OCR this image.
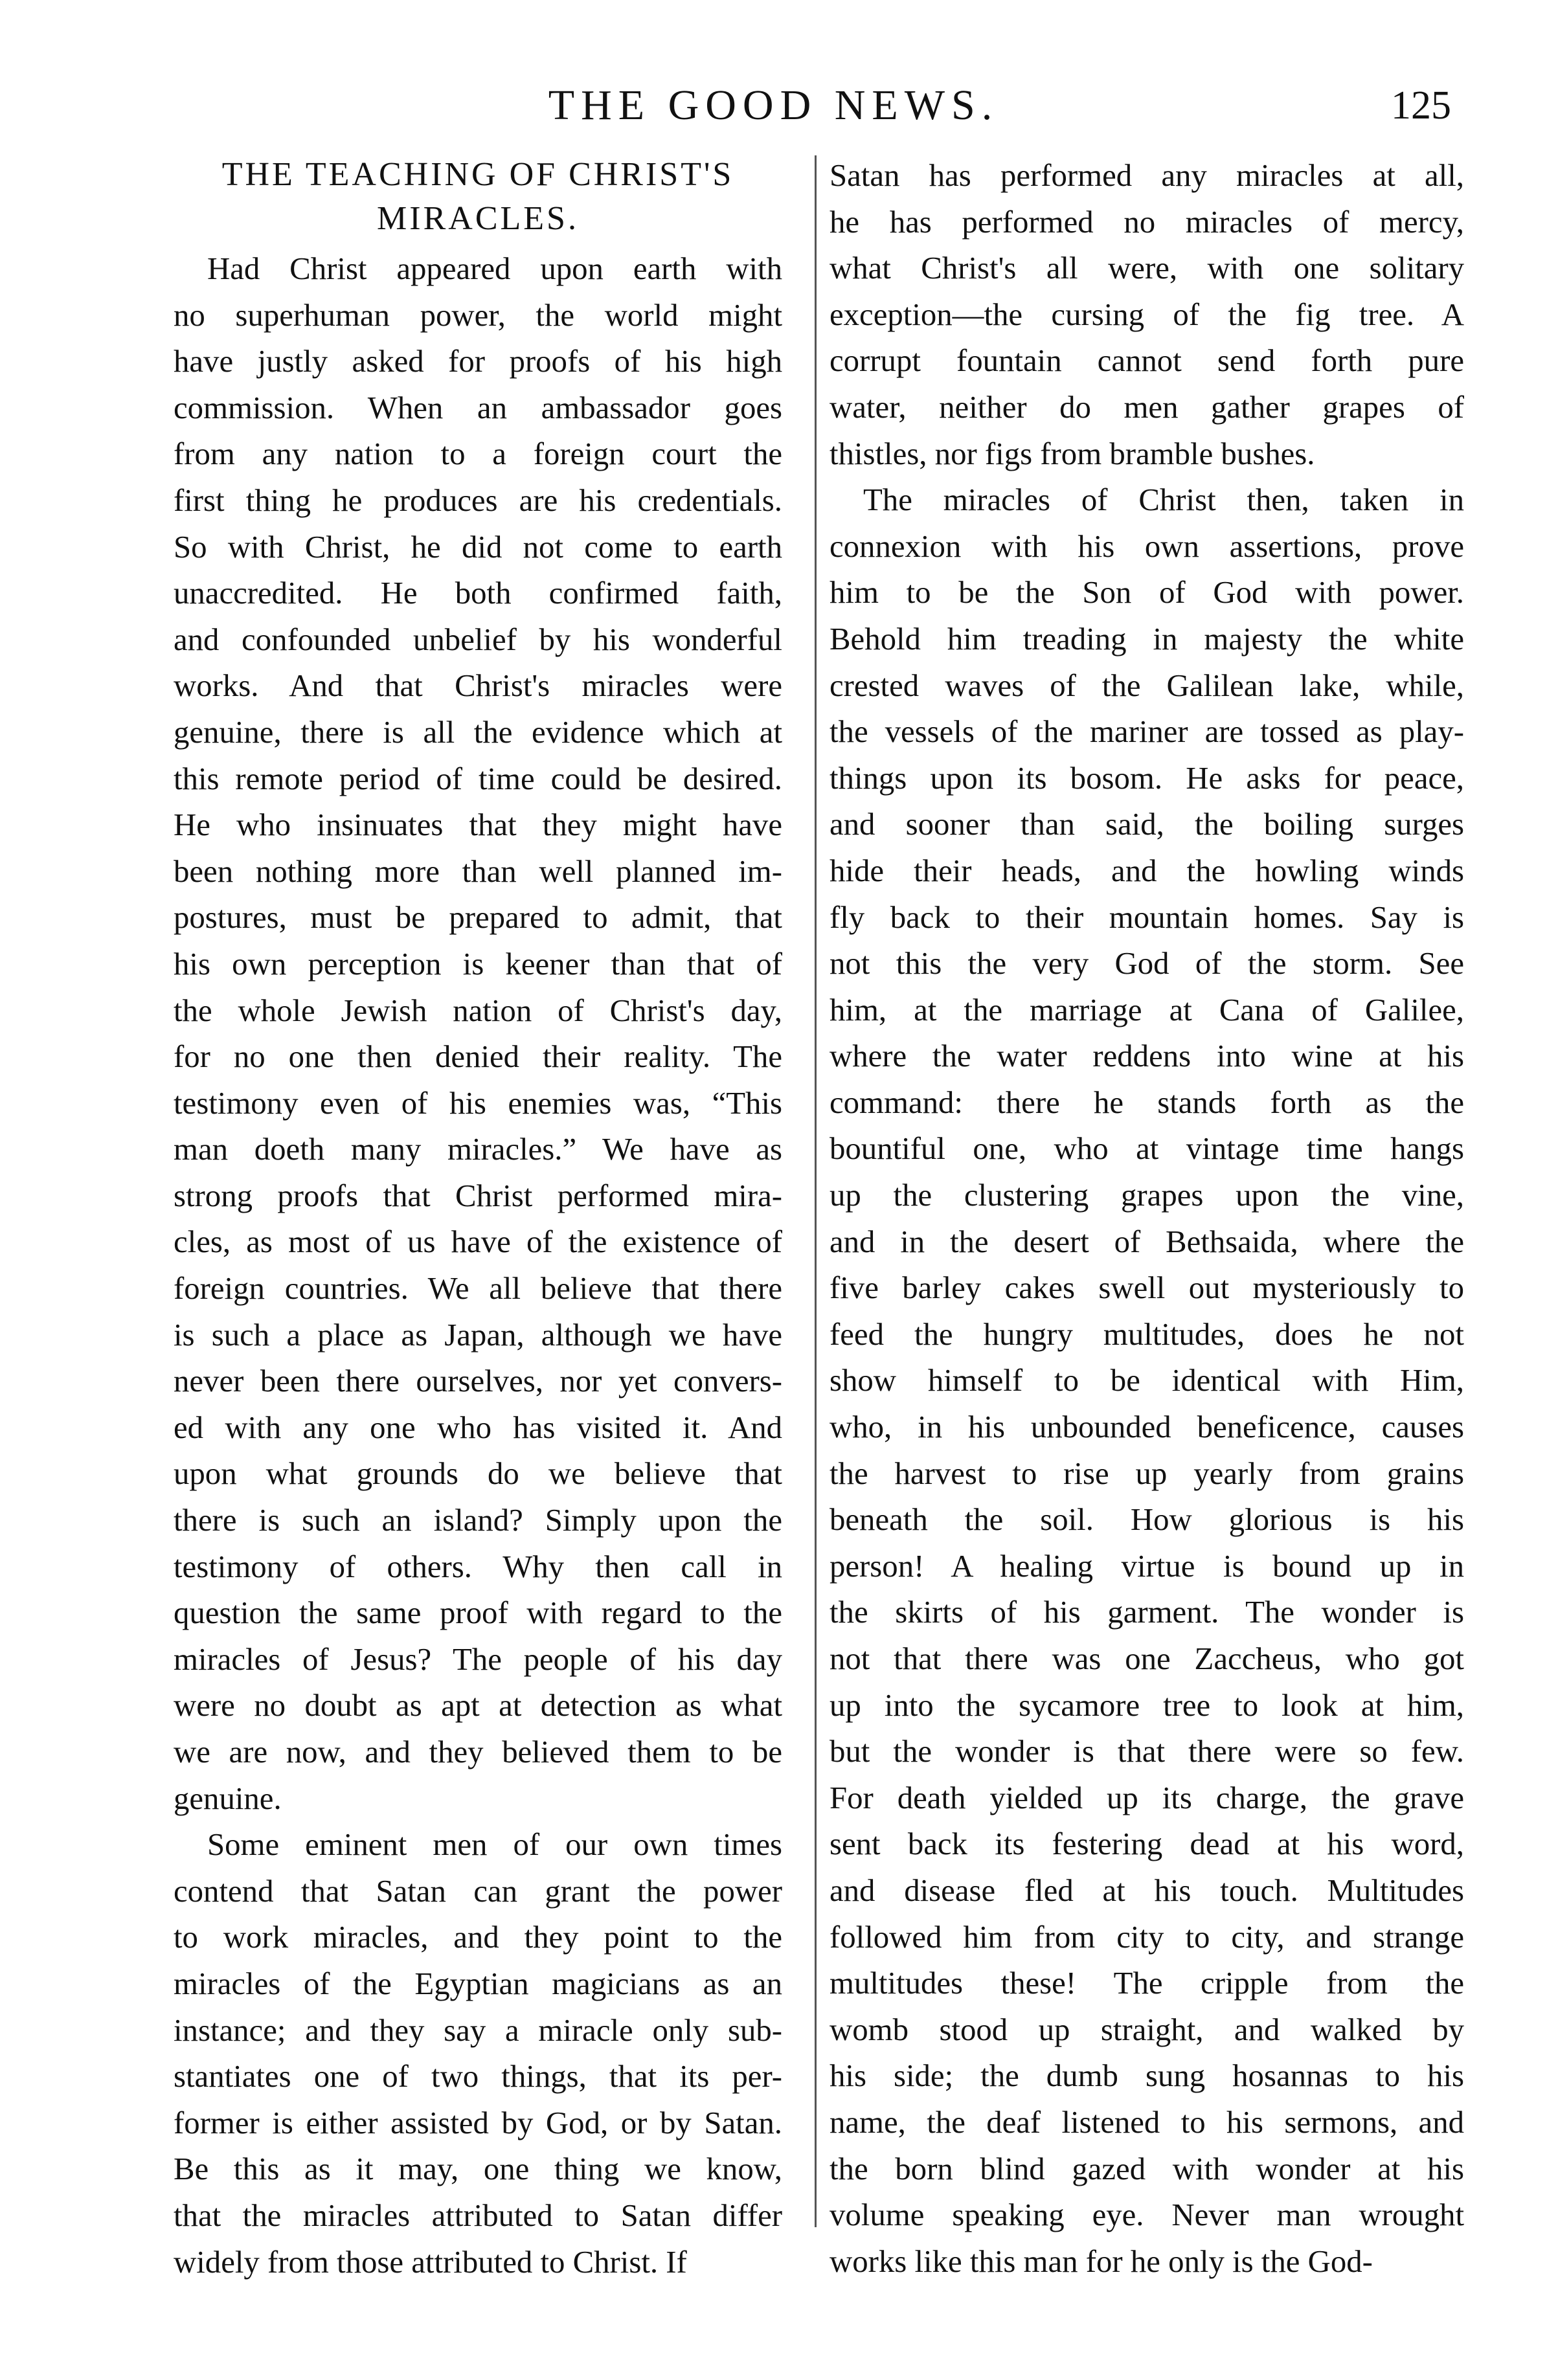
THE GOOD NEWS.	125
THE TEACHING OF CHRIST'S
MIRACLES.
Had Christ appeared upon earth with
no superhuman power, the world might
have justly asked for proofs of his high
commission. When an ambassador goes
from any nation to a foreign court the
first thing he produces are his credentials.
So with Christ, he did not come to earth
unaccredited. He both confirmed faith,
and confounded unbelief by his wonderful
works. And that Christ's miracles were
genuine, there is all the evidence which at
this remote period of time could be desired.
He who insinuates that they might have
been nothing more than well planned im-
postures, must be prepared to admit, that
his own perception is keener than that of
the whole Jewish nation of Christ's day,
for no one then denied their reality. The
testimony even of his enemies was, “This
man doeth many miracles.” We have as
strong proofs that Christ performed mira-
cles, as most of us have of the existence of
foreign countries. We all believe that there
is such a place as Japan, although we have
never been there ourselves, nor yet convers-
ed with any one who has visited it. And
upon what grounds do we believe that
there is such an island? Simply upon the
testimony of others. Why then call in
question the same proof with regard to the
miracles of Jesus? The people of his day
were no doubt as apt at detection as what
we are now, and they believed them to be
genuine.
Some eminent men of our own times
contend that Satan can grant the power
to work miracles, and they point to the
miracles of the Egyptian magicians as an
instance; and they say a miracle only sub-
stantiates one of two things, that its per-
former is either assisted by God, or by Satan.
Be this as it may, one thing we know,
that the miracles attributed to Satan differ
widely from those attributed to Christ. If
Satan has performed any miracles at all,
he has performed no miracles of mercy,
what Christ's all were, with one solitary
exception—the cursing of the fig tree. A
corrupt fountain cannot send forth pure
water, neither do men gather grapes of
thistles, nor figs from bramble bushes.
The miracles of Christ then, taken in
connexion with his own assertions, prove
him to be the Son of God with power.
Behold him treading in majesty the white
crested waves of the Galilean lake, while,
the vessels of the mariner are tossed as play-
things upon its bosom. He asks for peace,
and sooner than said, the boiling surges
hide their heads, and the howling winds
fly back to their mountain homes. Say is
not this the very God of the storm. See
him, at the marriage at Cana of Galilee,
where the water reddens into wine at his
command: there he stands forth as the
bountiful one, who at vintage time hangs
up the clustering grapes upon the vine,
and in the desert of Bethsaida, where the
five barley cakes swell out mysteriously to
feed the hungry multitudes, does he not
show himself to be identical with Him,
who, in his unbounded beneficence, causes
the harvest to rise up yearly from grains
beneath the soil. How glorious is his
person! A healing virtue is bound up in
the skirts of his garment. The wonder is
not that there was one Zaccheus, who got
up into the sycamore tree to look at him,
but the wonder is that there were so few.
For death yielded up its charge, the grave
sent back its festering dead at his word,
and disease fled at his touch. Multitudes
followed him from city to city, and strange
multitudes these! The cripple from the
womb stood up straight, and walked by
his side; the dumb sung hosannas to his
name, the deaf listened to his sermons, and
the born blind gazed with wonder at his
volume speaking eye. Never man wrought
works like this man for he only is the God-
